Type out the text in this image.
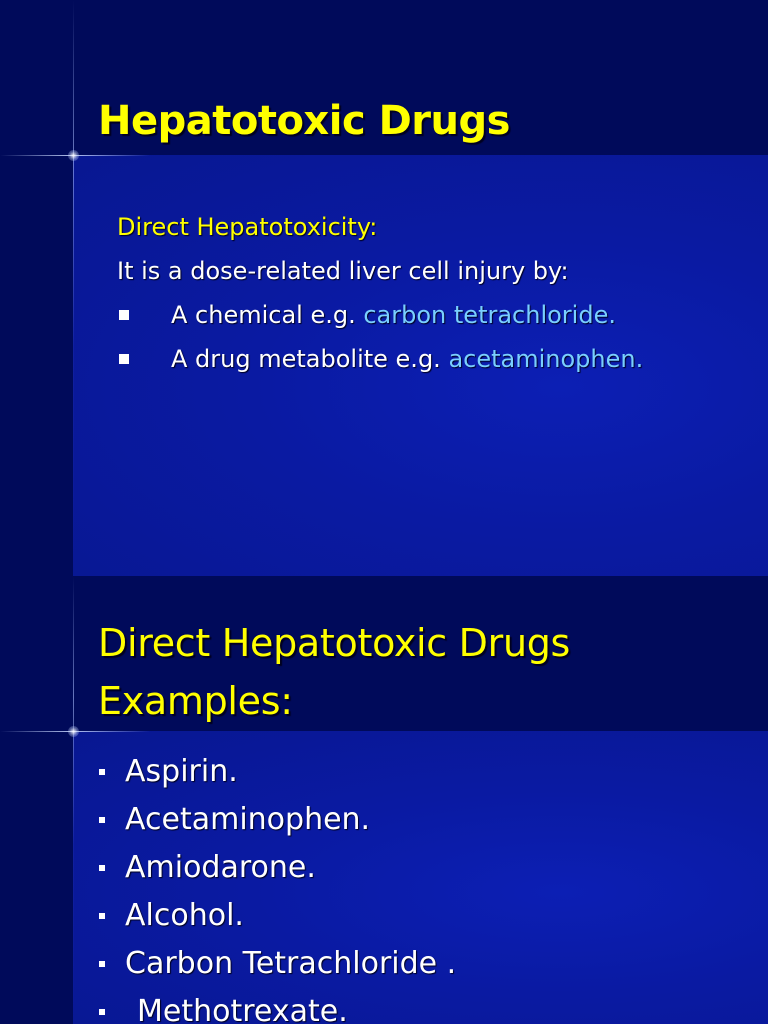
Hepatotoxic Drugs
Direct Hepatotoxicity:
It is a dose-related liver cell injury by:
A chemical e.g. carbon tetrachloride.
A drug metabolite e.g. acetaminophen.
Direct Hepatotoxic Drugs
Examples:
Aspirin.
Acetaminophen.
Amiodarone.
Alcohol.
Carbon Tetrachloride .
Methotrexate.
